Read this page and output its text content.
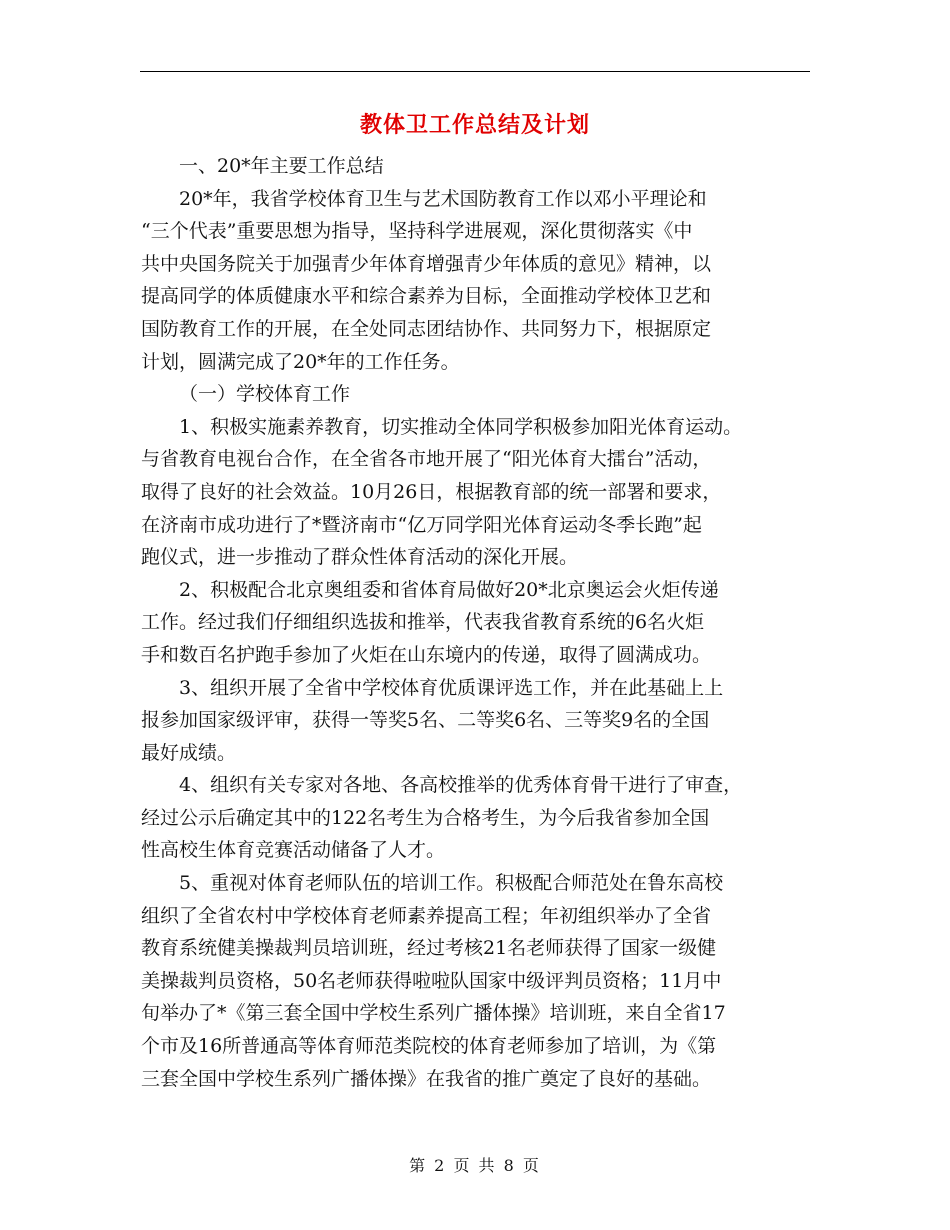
教体卫工作总结及计划

一、20*年主要工作总结

20*年，我省学校体育卫生与艺术国防教育工作以邓小平理论和
“三个代表”重要思想为指导，坚持科学进展观，深化贯彻落实《中
共中央国务院关于加强青少年体育增强青少年体质的意见》精神，以
提高同学的体质健康水平和综合素养为目标，全面推动学校体卫艺和
国防教育工作的开展，在全处同志团结协作、共同努力下，根据原定
计划，圆满完成了20*年的工作任务。

（一）学校体育工作

1、积极实施素养教育，切实推动全体同学积极参加阳光体育运动。
与省教育电视台合作，在全省各市地开展了“阳光体育大擂台”活动，
取得了良好的社会效益。10月26日，根据教育部的统一部署和要求，
在济南市成功进行了*暨济南市“亿万同学阳光体育运动冬季长跑”起
跑仪式，进一步推动了群众性体育活动的深化开展。

2、积极配合北京奥组委和省体育局做好20*北京奥运会火炬传递
工作。经过我们仔细组织选拔和推举，代表我省教育系统的6名火炬
手和数百名护跑手参加了火炬在山东境内的传递，取得了圆满成功。

3、组织开展了全省中学校体育优质课评选工作，并在此基础上上
报参加国家级评审，获得一等奖5名、二等奖6名、三等奖9名的全国
最好成绩。

4、组织有关专家对各地、各高校推举的优秀体育骨干进行了审查，
经过公示后确定其中的122名考生为合格考生，为今后我省参加全国
性高校生体育竞赛活动储备了人才。

5、重视对体育老师队伍的培训工作。积极配合师范处在鲁东高校
组织了全省农村中学校体育老师素养提高工程；年初组织举办了全省
教育系统健美操裁判员培训班，经过考核21名老师获得了国家一级健
美操裁判员资格，50名老师获得啦啦队国家中级评判员资格；11月中
旬举办了*《第三套全国中学校生系列广播体操》培训班，来自全省17
个市及16所普通高等体育师范类院校的体育老师参加了培训，为《第
三套全国中学校生系列广播体操》在我省的推广奠定了良好的基础。

第 2 页 共 8 页
